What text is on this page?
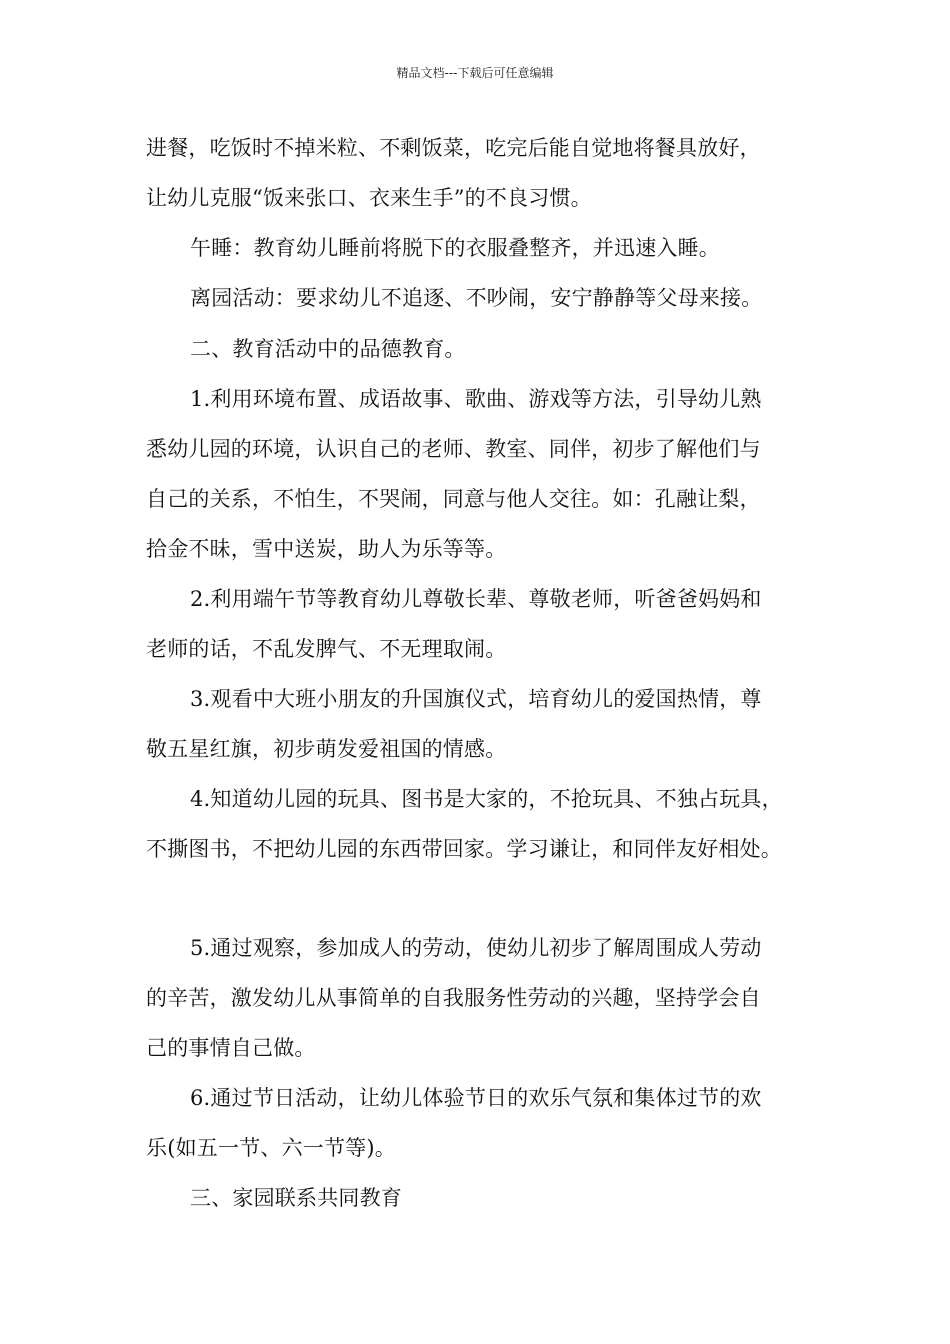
精品文档---下载后可任意编辑
进餐，吃饭时不掉米粒、不剩饭菜，吃完后能自觉地将餐具放好，
让幼儿克服“饭来张口、衣来生手”的不良习惯。
午睡：教育幼儿睡前将脱下的衣服叠整齐，并迅速入睡。
离园活动：要求幼儿不追逐、不吵闹，安宁静静等父母来接。
二、教育活动中的品德教育。
1.利用环境布置、成语故事、歌曲、游戏等方法，引导幼儿熟
悉幼儿园的环境，认识自己的老师、教室、同伴，初步了解他们与
自己的关系，不怕生，不哭闹，同意与他人交往。如：孔融让梨，
拾金不昧，雪中送炭，助人为乐等等。
2.利用端午节等教育幼儿尊敬长辈、尊敬老师，听爸爸妈妈和
老师的话，不乱发脾气、不无理取闹。
3.观看中大班小朋友的升国旗仪式，培育幼儿的爱国热情，尊
敬五星红旗，初步萌发爱祖国的情感。
4.知道幼儿园的玩具、图书是大家的，不抢玩具、不独占玩具，
不撕图书，不把幼儿园的东西带回家。学习谦让，和同伴友好相处。
5.通过观察，参加成人的劳动，使幼儿初步了解周围成人劳动
的辛苦，激发幼儿从事简单的自我服务性劳动的兴趣，坚持学会自
己的事情自己做。
6.通过节日活动，让幼儿体验节日的欢乐气氛和集体过节的欢
乐(如五一节、六一节等)。
三、家园联系共同教育
